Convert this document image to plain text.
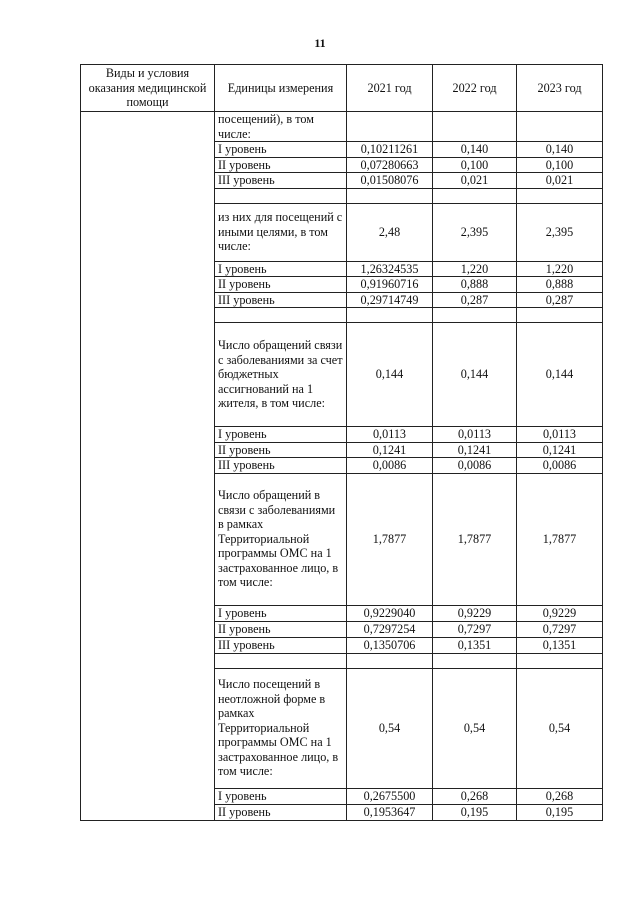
11
Виды и условия оказания медицинской помощи	Единицы измерения	2021 год	2022 год	2023 год
	посещений), в том числе:			
	I уровень	0,10211261	0,140	0,140
	II уровень	0,07280663	0,100	0,100
	III уровень	0,01508076	0,021	0,021

	из них для посещений с иными целями, в том числе:	2,48	2,395	2,395
	I уровень	1,26324535	1,220	1,220
	II уровень	0,91960716	0,888	0,888
	III уровень	0,29714749	0,287	0,287

	Число обращений связи с заболеваниями за счет бюджетных ассигнований на 1 жителя, в том числе:	0,144	0,144	0,144
	I уровень	0,0113	0,0113	0,0113
	II уровень	0,1241	0,1241	0,1241
	III уровень	0,0086	0,0086	0,0086
	Число обращений в связи с заболеваниями в рамках Территориальной программы ОМС на 1 застрахованное лицо, в том числе:	1,7877	1,7877	1,7877
	I уровень	0,9229040	0,9229	0,9229
	II уровень	0,7297254	0,7297	0,7297
	III уровень	0,1350706	0,1351	0,1351

	Число посещений в неотложной форме в рамках Территориальной программы ОМС на 1 застрахованное лицо, в том числе:	0,54	0,54	0,54
	I уровень	0,2675500	0,268	0,268
	II уровень	0,1953647	0,195	0,195
